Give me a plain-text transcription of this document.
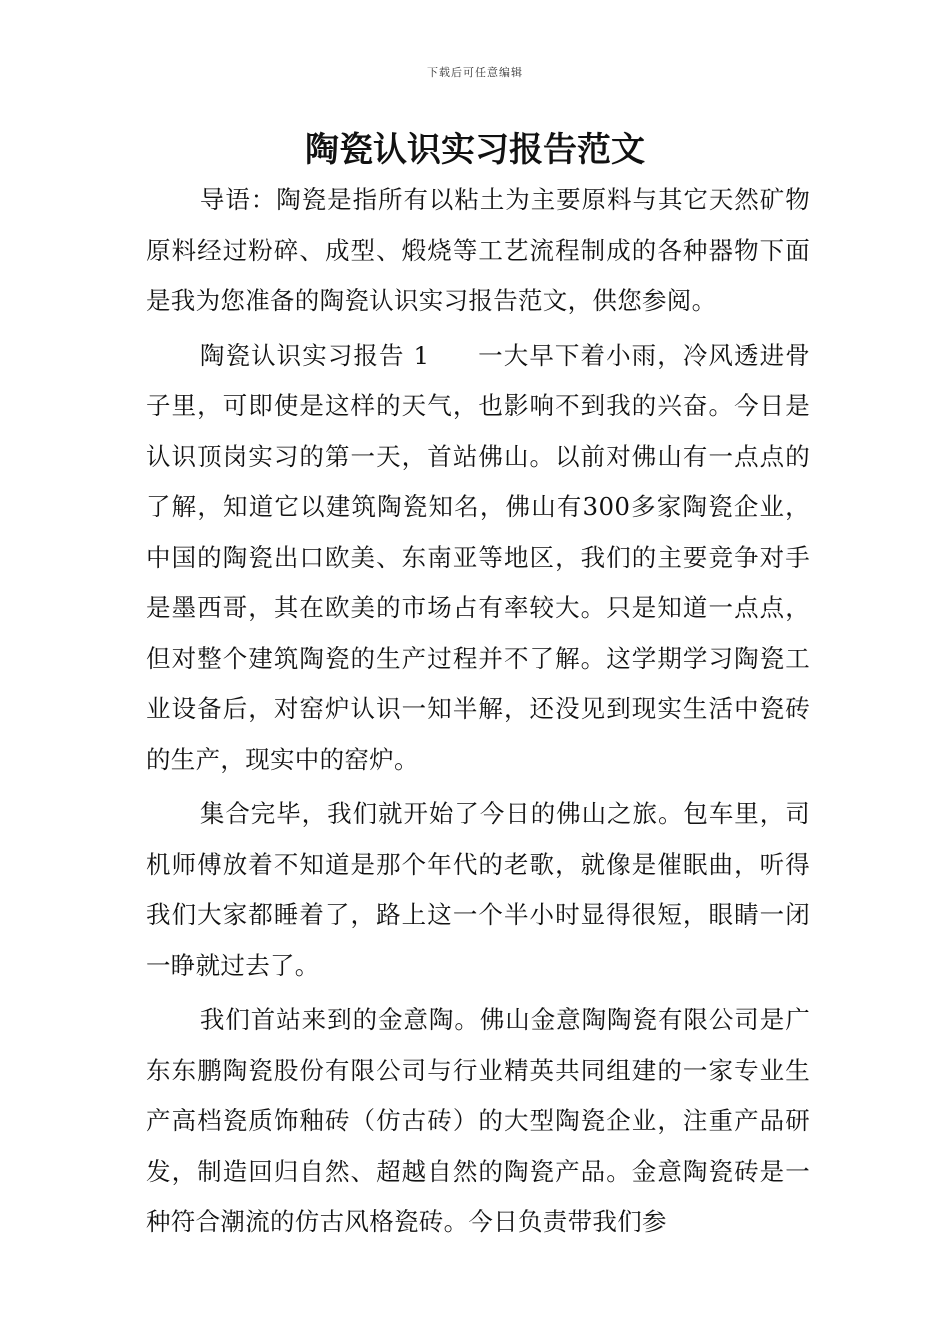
下载后可任意编辑
陶瓷认识实习报告范文

导语：陶瓷是指所有以粘土为主要原料与其它天然矿物原料经过粉碎、成型、煅烧等工艺流程制成的各种器物下面是我为您准备的陶瓷认识实习报告范文，供您参阅。

陶瓷认识实习报告 1 一大早下着小雨，冷风透进骨子里，可即使是这样的天气，也影响不到我的兴奋。今日是认识顶岗实习的第一天，首站佛山。以前对佛山有一点点的了解，知道它以建筑陶瓷知名，佛山有300多家陶瓷企业，中国的陶瓷出口欧美、东南亚等地区，我们的主要竞争对手是墨西哥，其在欧美的市场占有率较大。只是知道一点点，但对整个建筑陶瓷的生产过程并不了解。这学期学习陶瓷工业设备后，对窑炉认识一知半解，还没见到现实生活中瓷砖的生产，现实中的窑炉。

集合完毕，我们就开始了今日的佛山之旅。包车里，司机师傅放着不知道是那个年代的老歌，就像是催眠曲，听得我们大家都睡着了，路上这一个半小时显得很短，眼睛一闭一睁就过去了。

我们首站来到的金意陶。佛山金意陶陶瓷有限公司是广东东鹏陶瓷股份有限公司与行业精英共同组建的一家专业生产高档瓷质饰釉砖（仿古砖）的大型陶瓷企业，注重产品研发，制造回归自然、超越自然的陶瓷产品。金意陶瓷砖是一种符合潮流的仿古风格瓷砖。今日负责带我们参
